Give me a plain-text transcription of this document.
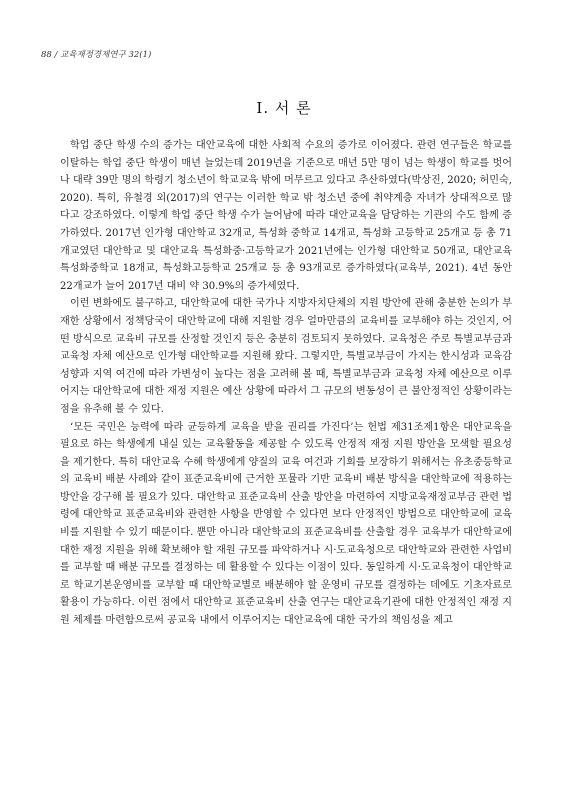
88 / 교육재정경제연구 32(1)
Ⅰ. 서 론

학업 중단 학생 수의 증가는 대안교육에 대한 사회적 수요의 증가로 이어졌다. 관련 연구들은 학교를 이탈하는 학업 중단 학생이 매년 늘었는데 2019년을 기준으로 매년 5만 명이 넘는 학생이 학교를 벗어나 대략 39만 명의 학령기 청소년이 학교교육 밖에 머무르고 있다고 추산하였다(박상진, 2020; 허민숙, 2020). 특히, 유철경 외(2017)의 연구는 이러한 학교 밖 청소년 중에 취약계층 자녀가 상대적으로 많다고 강조하였다. 이렇게 학업 중단 학생 수가 늘어남에 따라 대안교육을 담당하는 기관의 수도 함께 증가하였다. 2017년 인가형 대안학교 32개교, 특성화 중학교 14개교, 특성화 고등학교 25개교 등 총 71개교였던 대안학교 및 대안교육 특성화중·고등학교가 2021년에는 인가형 대안학교 50개교, 대안교육 특성화중학교 18개교, 특성화고등학교 25개교 등 총 93개교로 증가하였다(교육부, 2021). 4년 동안 22개교가 늘어 2017년 대비 약 30.9%의 증가세였다.

이런 변화에도 불구하고, 대안학교에 대한 국가나 지방자치단체의 지원 방안에 관해 충분한 논의가 부재한 상황에서 정책당국이 대안학교에 대해 지원할 경우 얼마만큼의 교육비를 교부해야 하는 것인지, 어떤 방식으로 교육비 규모를 산정할 것인지 등은 충분히 검토되지 못하였다. 교육청은 주로 특별교부금과 교육청 자체 예산으로 인가형 대안학교를 지원해 왔다. 그렇지만, 특별교부금이 가지는 한시성과 교육감 성향과 지역 여건에 따라 가변성이 높다는 점을 고려해 볼 때, 특별교부금과 교육청 자체 예산으로 이루어지는 대안학교에 대한 재정 지원은 예산 상황에 따라서 그 규모의 변동성이 큰 불안정적인 상황이라는 점을 유추해 볼 수 있다.

‘모든 국민은 능력에 따라 균등하게 교육을 받을 권리를 가진다’는 헌법 제31조제1항은 대안교육을 필요로 하는 학생에게 내실 있는 교육활동을 제공할 수 있도록 안정적 재정 지원 방안을 모색할 필요성을 제기한다. 특히 대안교육 수혜 학생에게 양질의 교육 여건과 기회를 보장하기 위해서는 유초중등학교의 교육비 배분 사례와 같이 표준교육비에 근거한 포뮬라 기반 교육비 배분 방식을 대안학교에 적용하는 방안을 강구해 볼 필요가 있다. 대안학교 표준교육비 산출 방안을 마련하여 지방교육재정교부금 관련 법령에 대안학교 표준교육비와 관련한 사항을 반영할 수 있다면 보다 안정적인 방법으로 대안학교에 교육비를 지원할 수 있기 때문이다. 뿐만 아니라 대안학교의 표준교육비를 산출할 경우 교육부가 대안학교에 대한 재정 지원을 위해 확보해야 할 재원 규모를 파악하거나 시·도교육청으로 대안학교와 관련한 사업비를 교부할 때 배분 규모를 결정하는 데 활용할 수 있다는 이점이 있다. 동일하게 시·도교육청이 대안학교로 학교기본운영비를 교부할 때 대안학교별로 배분해야 할 운영비 규모를 결정하는 데에도 기초자료로 활용이 가능하다. 이런 점에서 대안학교 표준교육비 산출 연구는 대안교육기관에 대한 안정적인 재정 지원 체제를 마련함으로써 공교육 내에서 이루어지는 대안교육에 대한 국가의 책임성을 제고
